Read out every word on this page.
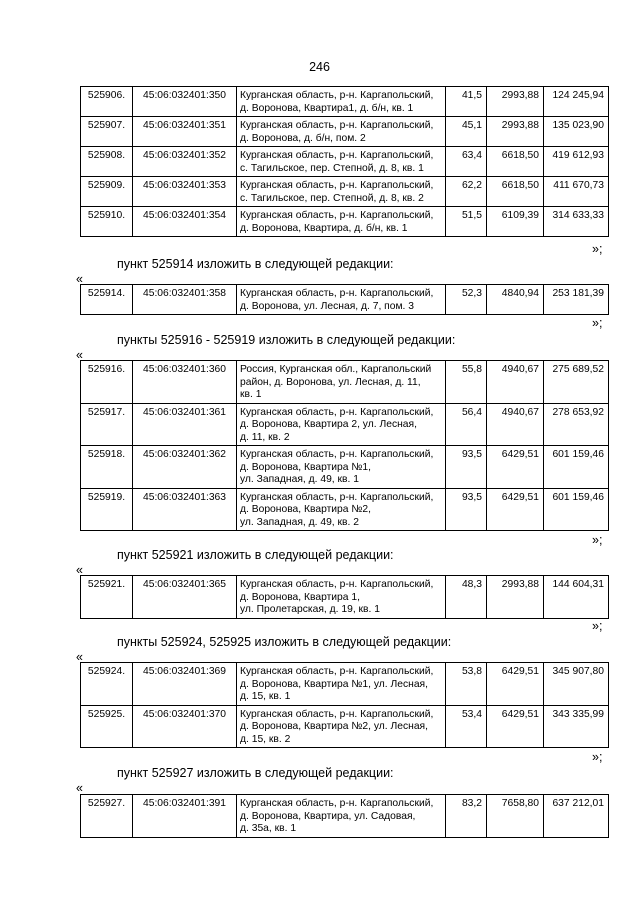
246
525906.	45:06:032401:350	Курганская область, р-н. Каргапольский,
д. Воронова, Квартира1, д. б/н, кв. 1	41,5	2993,88	124 245,94
525907.	45:06:032401:351	Курганская область, р-н. Каргапольский,
д. Воронова, д. б/н, пом. 2	45,1	2993,88	135 023,90
525908.	45:06:032401:352	Курганская область, р-н. Каргапольский,
с. Тагильское, пер. Степной, д. 8, кв. 1	63,4	6618,50	419 612,93
525909.	45:06:032401:353	Курганская область, р-н. Каргапольский,
с. Тагильское, пер. Степной, д. 8, кв. 2	62,2	6618,50	411 670,73
525910.	45:06:032401:354	Курганская область, р-н. Каргапольский,
д. Воронова, Квартира, д. б/н, кв. 1	51,5	6109,39	314 633,33
»;
пункт 525914 изложить в следующей редакции:
«
525914.	45:06:032401:358	Курганская область, р-н. Каргапольский,
д. Воронова, ул. Лесная, д. 7, пом. 3	52,3	4840,94	253 181,39
»;
пункты 525916 - 525919 изложить в следующей редакции:
«
525916.	45:06:032401:360	Россия, Курганская обл., Каргапольский
район, д. Воронова, ул. Лесная, д. 11,
кв. 1	55,8	4940,67	275 689,52
525917.	45:06:032401:361	Курганская область, р-н. Каргапольский,
д. Воронова, Квартира 2, ул. Лесная,
д. 11, кв. 2	56,4	4940,67	278 653,92
525918.	45:06:032401:362	Курганская область, р-н. Каргапольский,
д. Воронова, Квартира №1,
ул. Западная, д. 49, кв. 1	93,5	6429,51	601 159,46
525919.	45:06:032401:363	Курганская область, р-н. Каргапольский,
д. Воронова, Квартира №2,
ул. Западная, д. 49, кв. 2	93,5	6429,51	601 159,46
»;
пункт 525921 изложить в следующей редакции:
«
525921.	45:06:032401:365	Курганская область, р-н. Каргапольский,
д. Воронова, Квартира 1,
ул. Пролетарская, д. 19, кв. 1	48,3	2993,88	144 604,31
»;
пункты 525924, 525925 изложить в следующей редакции:
«
525924.	45:06:032401:369	Курганская область, р-н. Каргапольский,
д. Воронова, Квартира №1, ул. Лесная,
д. 15, кв. 1	53,8	6429,51	345 907,80
525925.	45:06:032401:370	Курганская область, р-н. Каргапольский,
д. Воронова, Квартира №2, ул. Лесная,
д. 15, кв. 2	53,4	6429,51	343 335,99
»;
пункт 525927 изложить в следующей редакции:
«
525927.	45:06:032401:391	Курганская область, р-н. Каргапольский,
д. Воронова, Квартира, ул. Садовая,
д. 35а, кв. 1	83,2	7658,80	637 212,01
